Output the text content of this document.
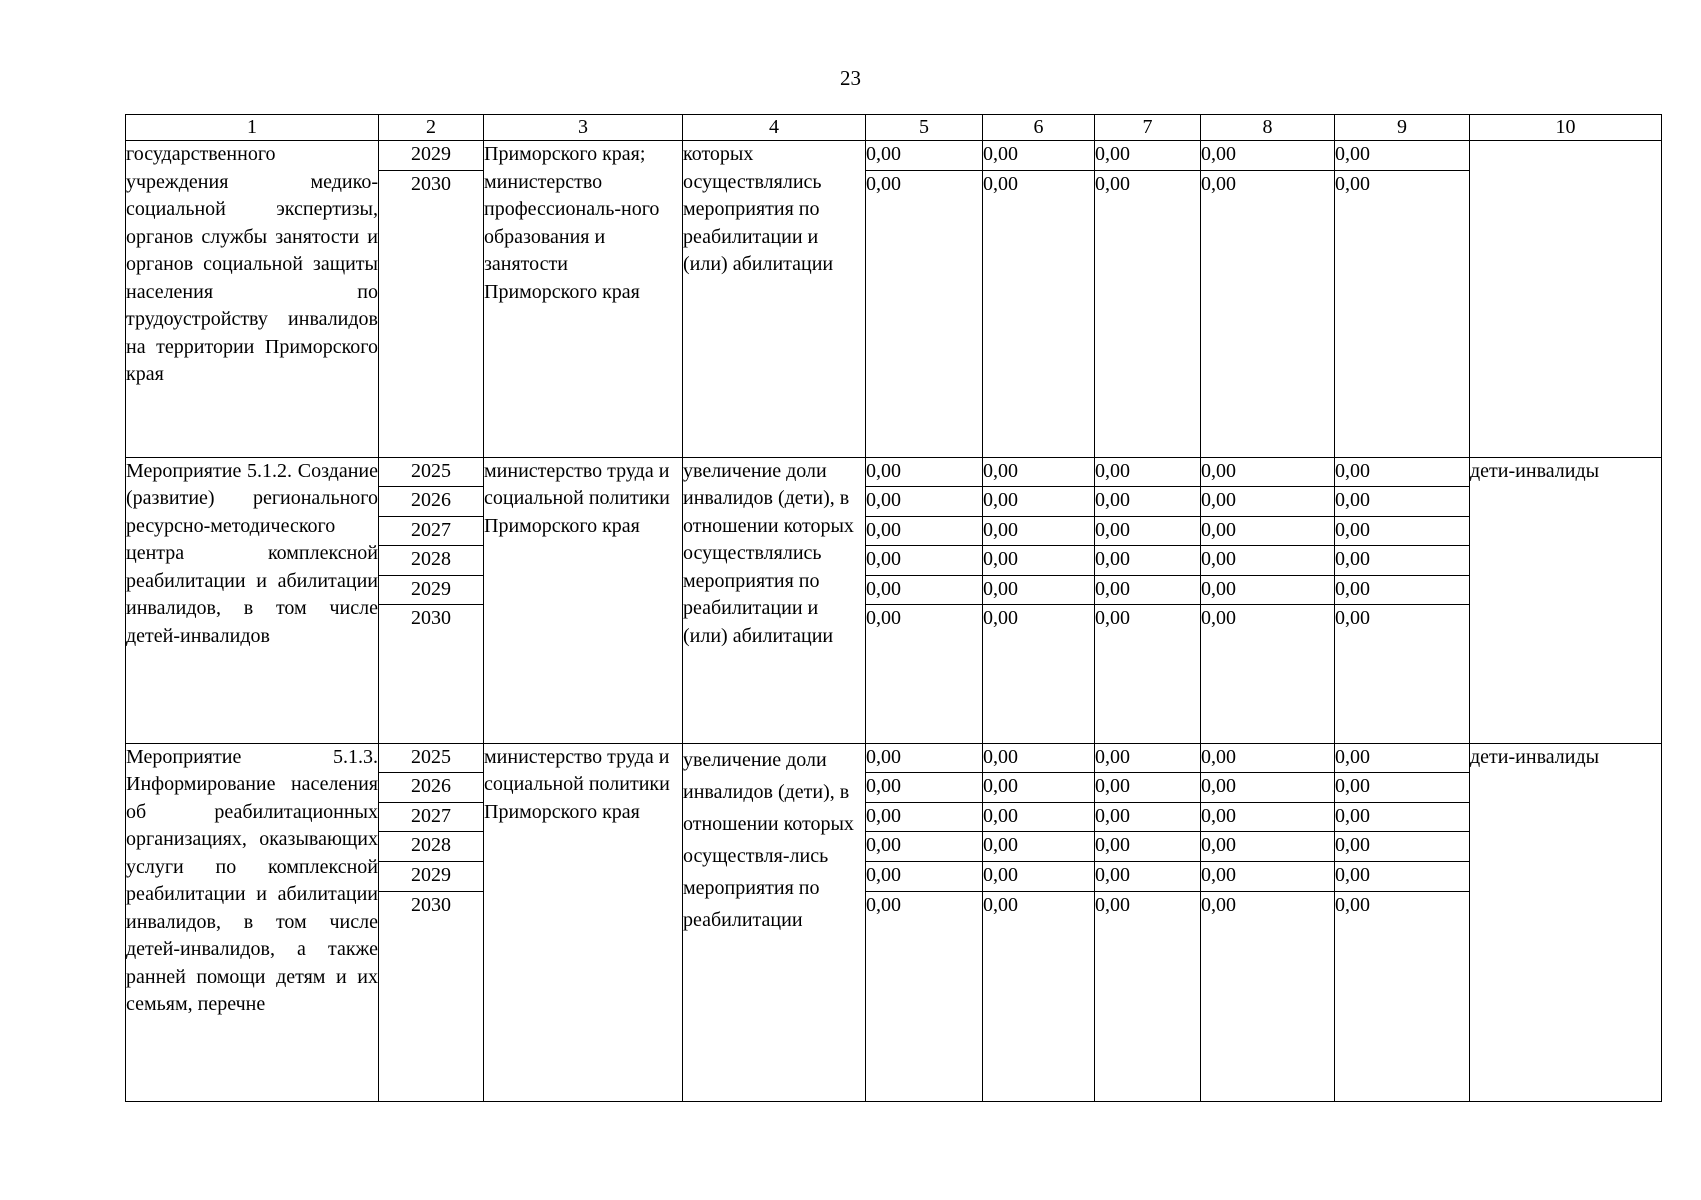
23
1	2	3	4	5	6	7	8	9	10
государственного учреждения медико-социальной экспертизы, органов службы занятости и органов социальной защиты населения по трудоустройству инвалидов на территории Приморского края	2029	Приморского края; министерство профессиональ-ного образования и занятости Приморского края	которых осуществлялись мероприятия по реабилитации и (или) абилитации	0,00	0,00	0,00	0,00	0,00	
	2030			0,00	0,00	0,00	0,00	0,00	
Мероприятие 5.1.2. Создание (развитие) регионального ресурсно-методического центра комплексной реабилитации и абилитации инвалидов, в том числе детей-инвалидов	2025	министерство труда и социальной политики Приморского края	увеличение доли инвалидов (дети), в отношении которых осуществлялись мероприятия по реабилитации и (или) абилитации	0,00	0,00	0,00	0,00	0,00	дети-инвалиды
	2026			0,00	0,00	0,00	0,00	0,00	
	2027			0,00	0,00	0,00	0,00	0,00	
	2028			0,00	0,00	0,00	0,00	0,00	
	2029			0,00	0,00	0,00	0,00	0,00	
	2030			0,00	0,00	0,00	0,00	0,00	
Мероприятие 5.1.3. Информирование населения об реабилитационных организациях, оказывающих услуги по комплексной реабилитации и абилитации инвалидов, в том числе детей-инвалидов, а также ранней помощи детям и их семьям, перечне	2025	министерство труда и социальной политики Приморского края	увеличение доли инвалидов (дети), в отношении которых осуществля-лись мероприятия по реабилитации	0,00	0,00	0,00	0,00	0,00	дети-инвалиды
	2026			0,00	0,00	0,00	0,00	0,00	
	2027			0,00	0,00	0,00	0,00	0,00	
	2028			0,00	0,00	0,00	0,00	0,00	
	2029			0,00	0,00	0,00	0,00	0,00	
	2030			0,00	0,00	0,00	0,00	0,00	
